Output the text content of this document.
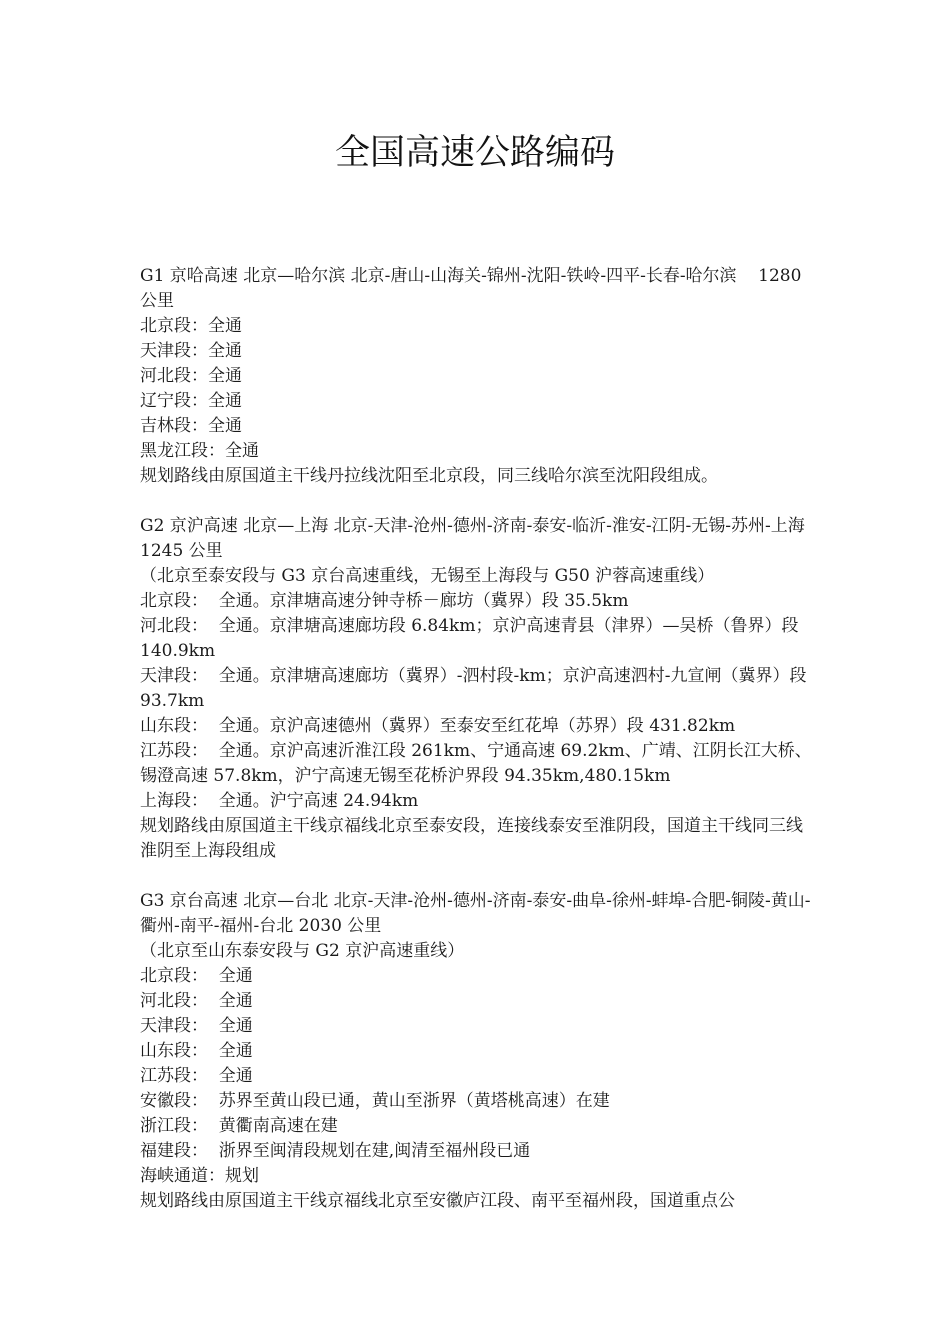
全国高速公路编码
G1 京哈高速 北京—哈尔滨 北京-唐山-山海关-锦州-沈阳-铁岭-四平-长春-哈尔滨    1280 公里
北京段：全通
天津段：全通
河北段：全通
辽宁段：全通
吉林段：全通
黑龙江段：全通
规划路线由原国道主干线丹拉线沈阳至北京段，同三线哈尔滨至沈阳段组成。
G2 京沪高速 北京—上海 北京-天津-沧州-德州-济南-泰安-临沂-淮安-江阴-无锡-苏州-上海 1245 公里
（北京至泰安段与 G3 京台高速重线，无锡至上海段与 G50 沪蓉高速重线）
北京段：  全通。京津塘高速分钟寺桥－廊坊（冀界）段 35.5km
河北段：  全通。京津塘高速廊坊段 6.84km；京沪高速青县（津界）—吴桥（鲁界）段 140.9km
天津段：  全通。京津塘高速廊坊（冀界）-泗村段-km；京沪高速泗村-九宣闸（冀界）段 93.7km
山东段：  全通。京沪高速德州（冀界）至泰安至红花埠（苏界）段 431.82km
江苏段：  全通。京沪高速沂淮江段 261km、宁通高速 69.2km、广靖、江阴长江大桥、锡澄高速 57.8km，沪宁高速无锡至花桥沪界段 94.35km,480.15km
上海段：  全通。沪宁高速 24.94km
规划路线由原国道主干线京福线北京至泰安段，连接线泰安至淮阴段，国道主干线同三线淮阴至上海段组成
G3 京台高速 北京—台北 北京-天津-沧州-德州-济南-泰安-曲阜-徐州-蚌埠-合肥-铜陵-黄山-衢州-南平-福州-台北 2030 公里
（北京至山东泰安段与 G2 京沪高速重线）
北京段：  全通
河北段：  全通
天津段：  全通
山东段：  全通
江苏段：  全通
安徽段：  苏界至黄山段已通，黄山至浙界（黄塔桃高速）在建
浙江段：  黄衢南高速在建
福建段：  浙界至闽清段规划在建,闽清至福州段已通
海峡通道：规划
规划路线由原国道主干线京福线北京至安徽庐江段、南平至福州段，国道重点公
